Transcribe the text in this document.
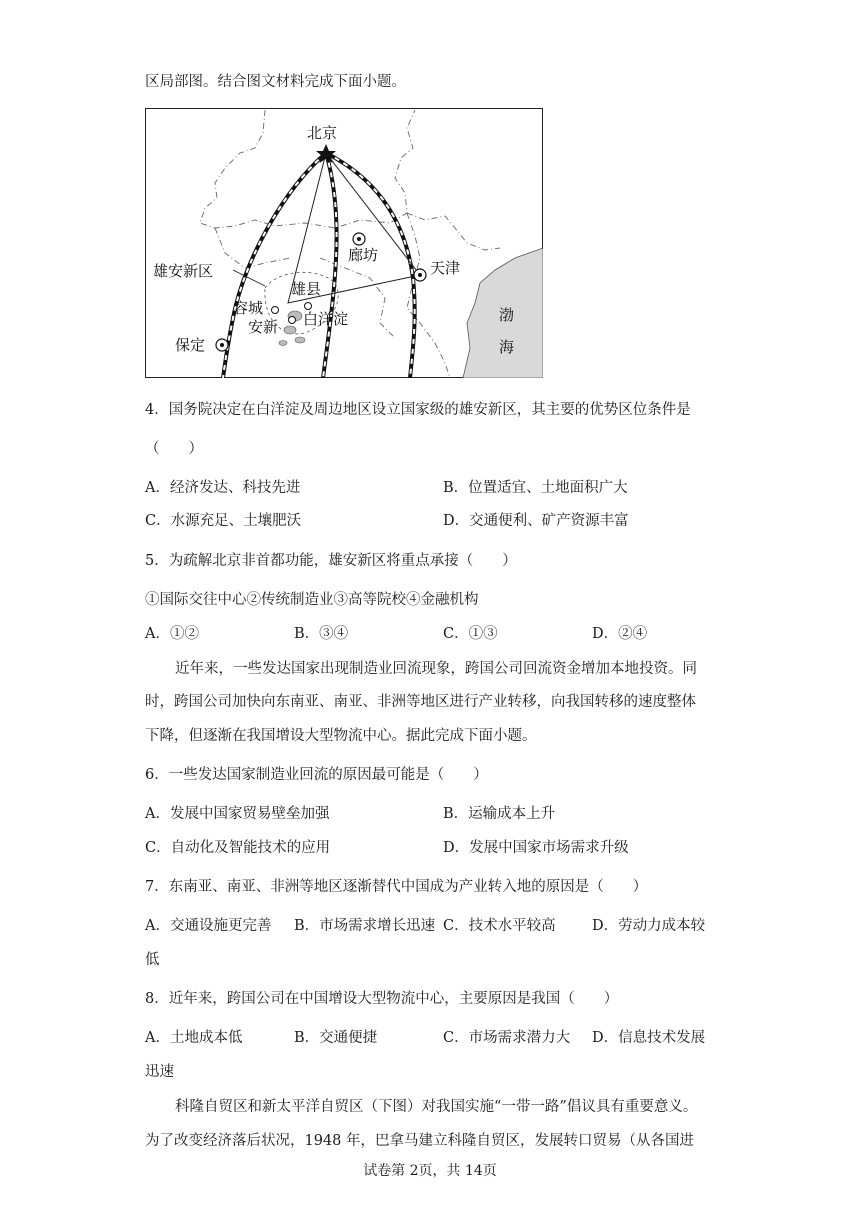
区局部图。结合图文材料完成下面小题。
北京
雄安新区
廊坊
天津
雄县
容城
安新 白洋淀
保定
渤
海
4．国务院决定在白洋淀及周边地区设立国家级的雄安新区，其主要的优势区位条件是
（　　）
A．经济发达、科技先进	B．位置适宜、土地面积广大
C．水源充足、土壤肥沃	D．交通便利、矿产资源丰富
5．为疏解北京非首都功能，雄安新区将重点承接（　　）
①国际交往中心②传统制造业③高等院校④金融机构
A．①②	B．③④	C．①③	D．②④
近年来，一些发达国家出现制造业回流现象，跨国公司回流资金增加本地投资。同
时，跨国公司加快向东南亚、南亚、非洲等地区进行产业转移，向我国转移的速度整体
下降，但逐渐在我国增设大型物流中心。据此完成下面小题。
6．一些发达国家制造业回流的原因最可能是（　　）
A．发展中国家贸易壁垒加强	B．运输成本上升
C．自动化及智能技术的应用	D．发展中国家市场需求升级
7．东南亚、南亚、非洲等地区逐渐替代中国成为产业转入地的原因是（　　）
A．交通设施更完善 B．市场需求增长迅速 C．技术水平较高	D．劳动力成本较
低
8．近年来，跨国公司在中国增设大型物流中心，主要原因是我国（　　）
A．土地成本低	B．交通便捷	C．市场需求潜力大 D．信息技术发展
迅速
科隆自贸区和新太平洋自贸区（下图）对我国实施“一带一路”倡议具有重要意义。
为了改变经济落后状况，1948 年，巴拿马建立科隆自贸区，发展转口贸易（从各国进
试卷第 2页，共 14页
